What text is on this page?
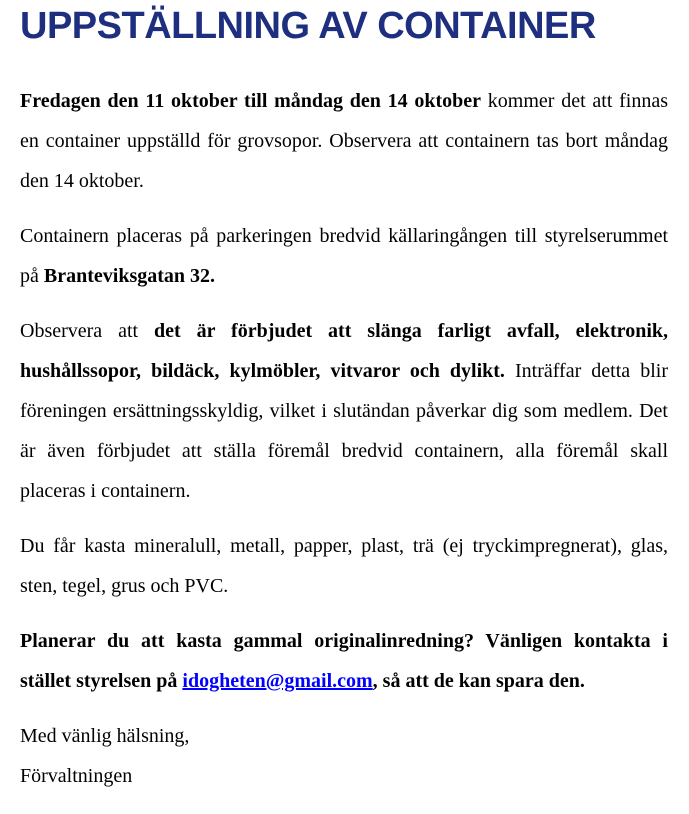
UPPSTÄLLNING AV CONTAINER

Fredagen den 11 oktober till måndag den 14 oktober kommer det att finnas en container uppställd för grovsopor. Observera att containern tas bort måndag den 14 oktober.

Containern placeras på parkeringen bredvid källaringången till styrelserummet på Branteviksgatan 32.

Observera att det är förbjudet att slänga farligt avfall, elektronik, hushållssopor, bildäck, kylmöbler, vitvaror och dylikt. Inträffar detta blir föreningen ersättningsskyldig, vilket i slutändan påverkar dig som medlem. Det är även förbjudet att ställa föremål bredvid containern, alla föremål skall placeras i containern.

Du får kasta mineralull, metall, papper, plast, trä (ej tryckimpregnerat), glas, sten, tegel, grus och PVC.

Planerar du att kasta gammal originalinredning? Vänligen kontakta i stället styrelsen på idogheten@gmail.com, så att de kan spara den.

Med vänlig hälsning,

Förvaltningen
